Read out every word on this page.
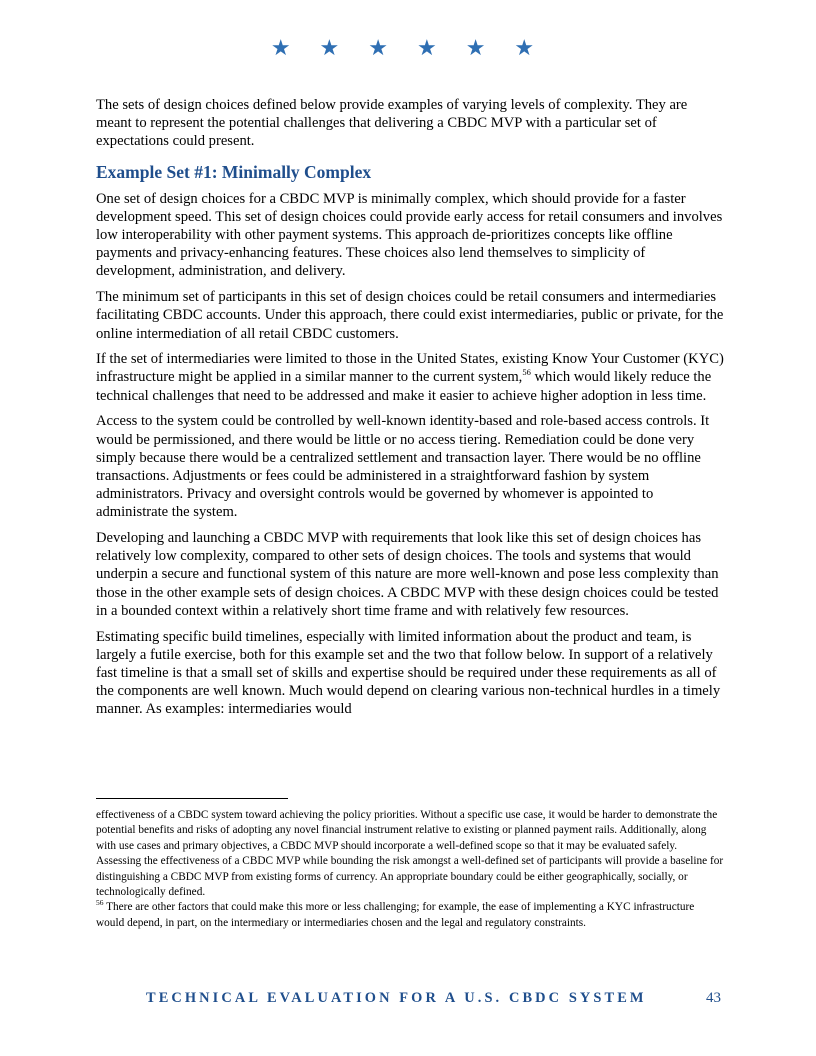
★ ★ ★ ★ ★ ★

The sets of design choices defined below provide examples of varying levels of complexity. They are meant to represent the potential challenges that delivering a CBDC MVP with a particular set of expectations could present.

Example Set #1: Minimally Complex

One set of design choices for a CBDC MVP is minimally complex, which should provide for a faster development speed. This set of design choices could provide early access for retail consumers and involves low interoperability with other payment systems. This approach de-prioritizes concepts like offline payments and privacy-enhancing features. These choices also lend themselves to simplicity of development, administration, and delivery.

The minimum set of participants in this set of design choices could be retail consumers and intermediaries facilitating CBDC accounts. Under this approach, there could exist intermediaries, public or private, for the online intermediation of all retail CBDC customers.

If the set of intermediaries were limited to those in the United States, existing Know Your Customer (KYC) infrastructure might be applied in a similar manner to the current system,$^{56}$ which would likely reduce the technical challenges that need to be addressed and make it easier to achieve higher adoption in less time.

Access to the system could be controlled by well-known identity-based and role-based access controls. It would be permissioned, and there would be little or no access tiering. Remediation could be done very simply because there would be a centralized settlement and transaction layer. There would be no offline transactions. Adjustments or fees could be administered in a straightforward fashion by system administrators. Privacy and oversight controls would be governed by whomever is appointed to administrate the system.

Developing and launching a CBDC MVP with requirements that look like this set of design choices has relatively low complexity, compared to other sets of design choices. The tools and systems that would underpin a secure and functional system of this nature are more well-known and pose less complexity than those in the other example sets of design choices. A CBDC MVP with these design choices could be tested in a bounded context within a relatively short time frame and with relatively few resources.

Estimating specific build timelines, especially with limited information about the product and team, is largely a futile exercise, both for this example set and the two that follow below. In support of a relatively fast timeline is that a small set of skills and expertise should be required under these requirements as all of the components are well known. Much would depend on clearing various non-technical hurdles in a timely manner. As examples: intermediaries would

effectiveness of a CBDC system toward achieving the policy priorities. Without a specific use case, it would be harder to demonstrate the potential benefits and risks of adopting any novel financial instrument relative to existing or planned payment rails. Additionally, along with use cases and primary objectives, a CBDC MVP should incorporate a well-defined scope so that it may be evaluated safely. Assessing the effectiveness of a CBDC MVP while bounding the risk amongst a well-defined set of participants will provide a baseline for distinguishing a CBDC MVP from existing forms of currency. An appropriate boundary could be either geographically, socially, or technologically defined.

$^{56}$ There are other factors that could make this more or less challenging; for example, the ease of implementing a KYC infrastructure would depend, in part, on the intermediary or intermediaries chosen and the legal and regulatory constraints.

TECHNICAL EVALUATION FOR A U.S. CBDC SYSTEM	43
